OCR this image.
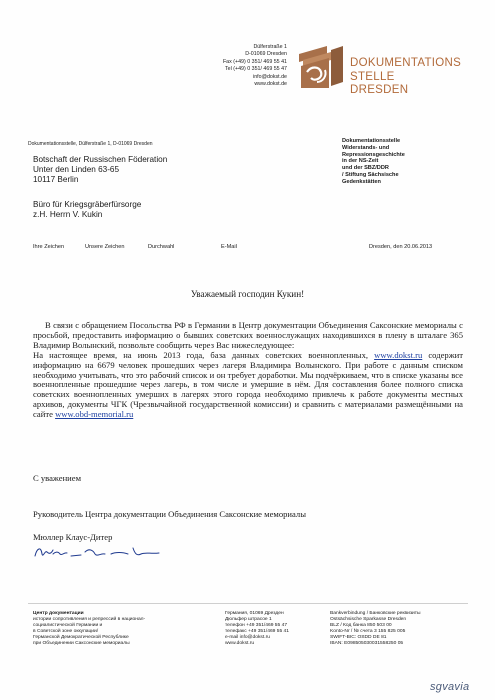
Dülferstraße 1
D-01069 Dresden
Fax (+49) 0 351/ 469 55 41
Tel (+49) 0 351/ 469 55 47
info@dokst.de
www.dokst.de
DOKUMENTATIONS
STELLE
DRESDEN
Dokumentationsstelle, Dülferstraße 1, D-01069 Dresden
Botschaft der Russischen Föderation
Unter den Linden 63-65
10117 Berlin
Büro für Kriegsgräberfürsorge
z.H. Herrn V. Kukin
Dokumentationsstelle
Widerstands- und
Repressionsgeschichte
in der NS-Zeit
und der SBZ/DDR
/ Stiftung Sächsische
Gedenkstätten
Ihre Zeichen	Unsere Zeichen	Durchwahl	E-Mail	Dresden, den 20.06.2013
Уважаемый господин Кукин!

В связи с обращением Посольства РФ в Германии в Центр документации Объединения Саксонские мемориалы с просьбой, предоставить информацию о бывших советских военнослужащих находившихся в плену в шталаге 365 Владимир Волынский, позвольте сообщить через Вас нижеследующее:

На настоящее время, на июнь 2013 года, база данных советских военнопленных, www.dokst.ru содержит информацию на 6679 человек прошедших через лагеря Владимира Волынского. При работе с данным списком необходимо учитывать, что это рабочий список и он требует доработки. Мы подчёркиваем, что в списке указаны все военнопленные прошедшие через лагерь, в том числе и умершие в нём. Для составления более полного списка советских военнопленных умерших в лагерях этого города необходимо привлечь к работе документы местных архивов, документы ЧГК (Чрезвычайной государственной комиссии) и сравнить с материалами размещёнными на сайте www.obd-memorial.ru

С уважением
Руководитель Центра документации Объединения Саксонские мемориалы
Мюллер Клаус-Дитер
Центр документации
истории сопротивления и репрессий в национал-
социалистической Германии и
в Советской зоне оккупации/
Германской Демократической Республике
при Объединении Саксонские мемориалы
Германия, 01069 Дрезден
Дюльфер штрасое 1
телефон +49 351/469 55 47
телефакс +49 351/469 55 41
e-mail info@dokst.ru
www.dokst.ru
Bankverbindung / Банковские реквизиты
Ostsächsische Sparkasse Dresden
BLZ / Код банка 850 503 00
Konto-Nr / № счета 3 155 825 005
SWIFT-BIC: OSDD DE 81
IBAN: E098505030031558250 05
sgvavia
